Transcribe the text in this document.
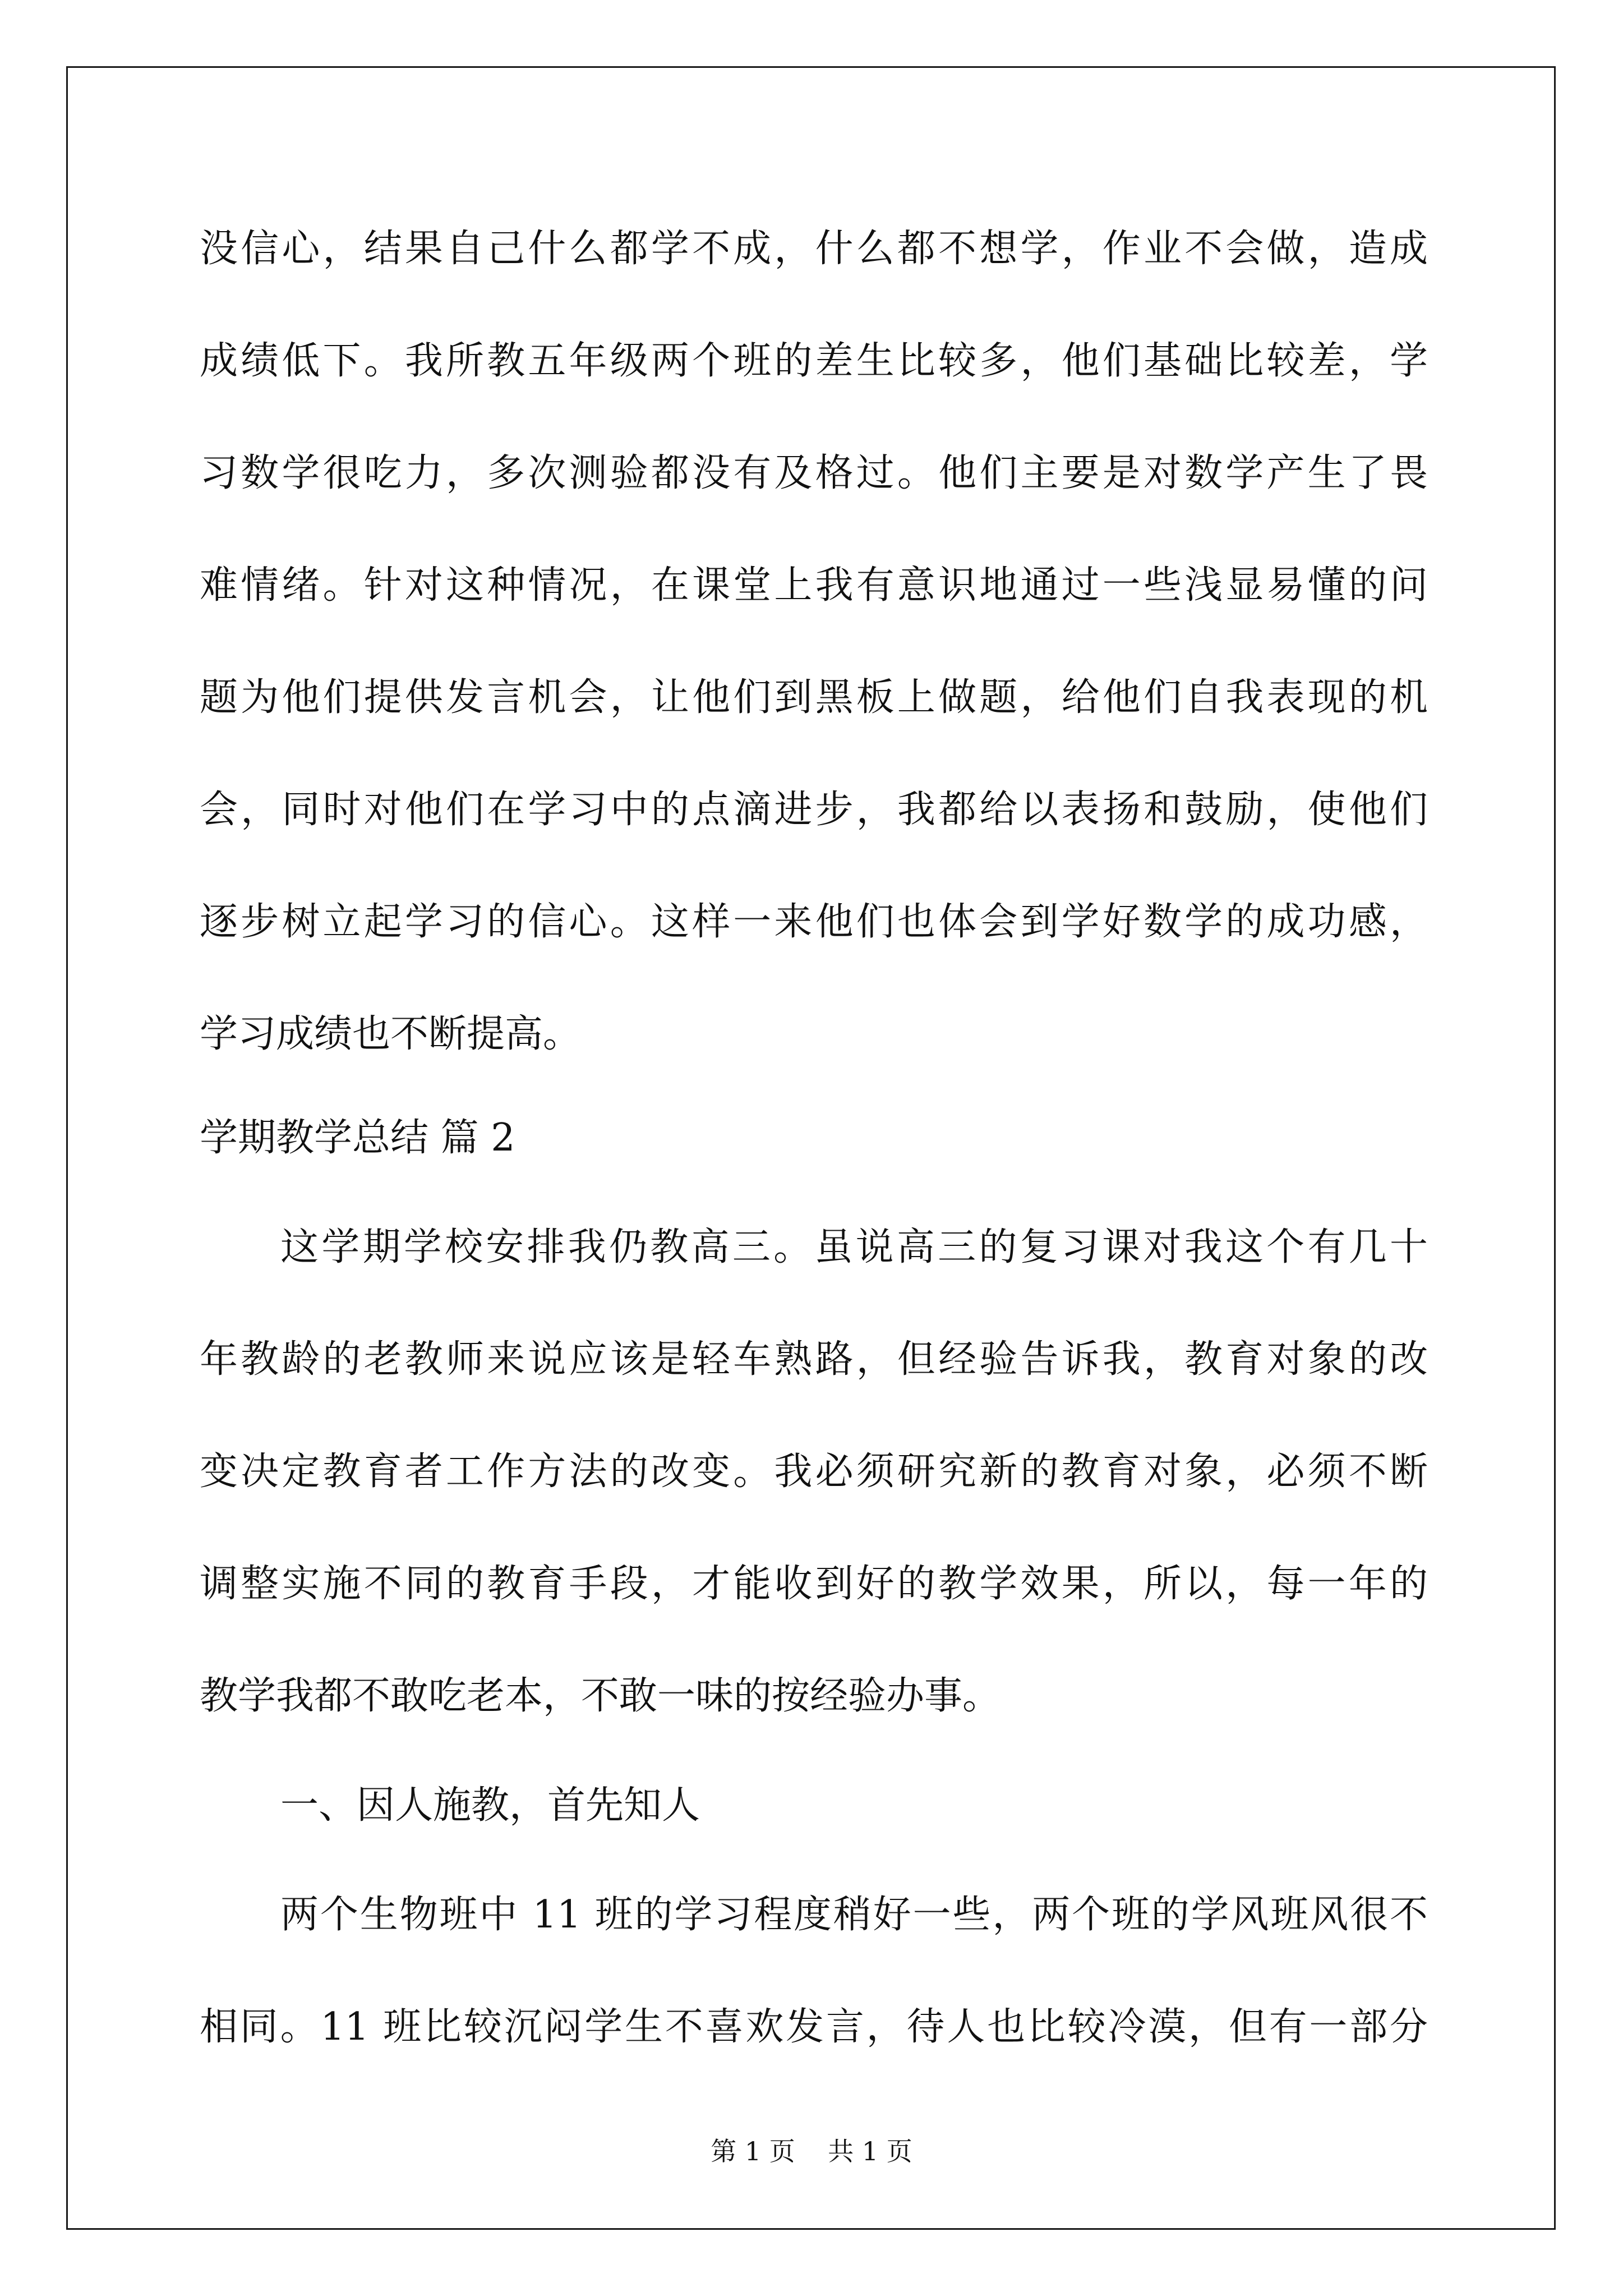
没信心，结果自己什么都学不成，什么都不想学，作业不会做，造成
成绩低下。我所教五年级两个班的差生比较多，他们基础比较差，学
习数学很吃力，多次测验都没有及格过。他们主要是对数学产生了畏
难情绪。针对这种情况，在课堂上我有意识地通过一些浅显易懂的问
题为他们提供发言机会，让他们到黑板上做题，给他们自我表现的机
会，同时对他们在学习中的点滴进步，我都给以表扬和鼓励，使他们
逐步树立起学习的信心。这样一来他们也体会到学好数学的成功感，
学习成绩也不断提高。
学期教学总结 篇 2
这学期学校安排我仍教高三。虽说高三的复习课对我这个有几十
年教龄的老教师来说应该是轻车熟路，但经验告诉我，教育对象的改
变决定教育者工作方法的改变。我必须研究新的教育对象，必须不断
调整实施不同的教育手段，才能收到好的教学效果，所以，每一年的
教学我都不敢吃老本，不敢一味的按经验办事。
一、因人施教，首先知人
两个生物班中 11 班的学习程度稍好一些，两个班的学风班风很不
相同。11 班比较沉闷学生不喜欢发言，待人也比较冷漠，但有一部分
第 1 页    共 1 页
